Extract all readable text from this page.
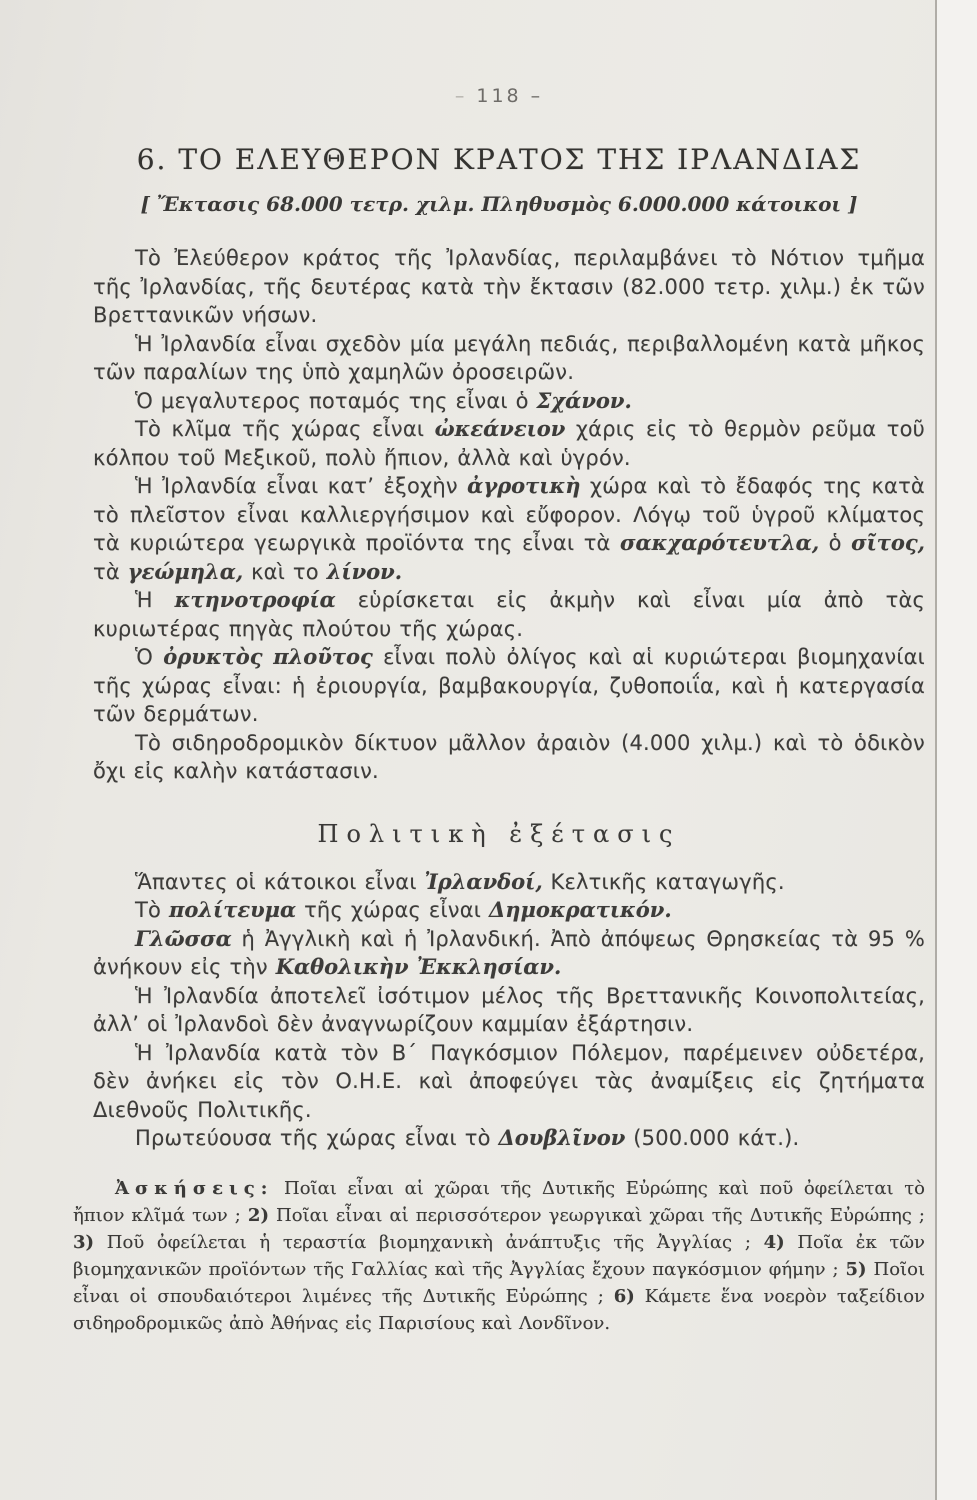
– 118 –
6. ΤΟ ΕΛΕΥΘΕΡΟΝ ΚΡΑΤΟΣ ΤΗΣ ΙΡΛΑΝΔΙΑΣ
[ Ἔκτασις 68.000 τετρ. χιλμ. Πληθυσμὸς 6.000.000 κάτοικοι ]

Τὸ Ἐλεύθερον κράτος τῆς Ἰρλανδίας, περιλαμβάνει τὸ Νότιον τμῆμα τῆς Ἰρλανδίας, τῆς δευτέρας κατὰ τὴν ἔκτασιν (82.000 τετρ. χιλμ.) ἐκ τῶν Βρεττανικῶν νήσων.

Ἡ Ἰρλανδία εἶναι σχεδὸν μία μεγάλη πεδιάς, περιβαλλομένη κατὰ μῆκος τῶν παραλίων της ὑπὸ χαμηλῶν ὀροσειρῶν.

Ὁ μεγαλυτερος ποταμός της εἶναι ὁ Σχάνον.

Τὸ κλῖμα τῆς χώρας εἶναι ὠκεάνειον χάρις εἰς τὸ θερμὸν ρεῦμα τοῦ κόλπου τοῦ Μεξικοῦ, πολὺ ἤπιον, ἀλλὰ καὶ ὑγρόν.

Ἡ Ἰρλανδία εἶναι κατ’ ἐξοχὴν ἀγροτικὴ χώρα καὶ τὸ ἔδαφός της κατὰ τὸ πλεῖστον εἶναι καλλιεργήσιμον καὶ εὔφορον. Λόγῳ τοῦ ὑγροῦ κλίματος τὰ κυριώτερα γεωργικὰ προϊόντα της εἶναι τὰ σακχαρότευτλα, ὁ σῖτος, τὰ γεώμηλα, καὶ το λίνον.

Ἡ κτηνοτροφία εὑρίσκεται εἰς ἀκμὴν καὶ εἶναι μία ἀπὸ τὰς κυριωτέρας πηγὰς πλούτου τῆς χώρας.

Ὁ ὀρυκτὸς πλοῦτος εἶναι πολὺ ὀλίγος καὶ αἱ κυριώτεραι βιομηχανίαι τῆς χώρας εἶναι: ἡ ἐριουργία, βαμβακουργία, ζυθοποιΐα, καὶ ἡ κατεργασία τῶν δερμάτων.

Τὸ σιδηροδρομικὸν δίκτυον μᾶλλον ἀραιὸν (4.000 χιλμ.) καὶ τὸ ὁδικὸν ὄχι εἰς καλὴν κατάστασιν.

Πολιτικὴ ἐξέτασις

Ἅπαντες οἱ κάτοικοι εἶναι Ἰρλανδοί, Κελτικῆς καταγωγῆς.

Τὸ πολίτευμα τῆς χώρας εἶναι Δημοκρατικόν.

Γλῶσσα ἡ Ἀγγλικὴ καὶ ἡ Ἰρλανδική. Ἀπὸ ἀπόψεως Θρησκείας τὰ 95 % ἀνήκουν εἰς τὴν Καθολικὴν Ἐκκλησίαν.

Ἡ Ἰρλανδία ἀποτελεῖ ἰσότιμον μέλος τῆς Βρεττανικῆς Κοινοπολιτείας, ἀλλ’ οἱ Ἰρλανδοὶ δὲν ἀναγνωρίζουν καμμίαν ἐξάρτησιν.

Ἡ Ἰρλανδία κατὰ τὸν Β΄ Παγκόσμιον Πόλεμον, παρέμεινεν οὐδετέρα, δὲν ἀνήκει εἰς τὸν Ο.Η.Ε. καὶ ἀποφεύγει τὰς ἀναμίξεις εἰς ζητήματα Διεθνοῦς Πολιτικῆς.

Πρωτεύουσα τῆς χώρας εἶναι τὸ Δουβλῖνον (500.000 κάτ.).

Ἀσκήσεις: Ποῖαι εἶναι αἱ χῶραι τῆς Δυτικῆς Εὐρώπης καὶ ποῦ ὀφείλεται τὸ ἤπιον κλῖμά των ; 2) Ποῖαι εἶναι αἱ περισσότερον γεωργικαὶ χῶραι τῆς Δυτικῆς Εὐρώπης ; 3) Ποῦ ὀφείλεται ἡ τεραστία βιομηχανικὴ ἀνάπτυξις τῆς Ἀγγλίας ; 4) Ποῖα ἐκ τῶν βιομηχανικῶν προϊόντων τῆς Γαλλίας καὶ τῆς Ἀγγλίας ἔχουν παγκόσμιον φήμην ; 5) Ποῖοι εἶναι οἱ σπουδαιότεροι λιμένες τῆς Δυτικῆς Εὐρώπης ; 6) Κάμετε ἕνα νοερὸν ταξείδιον σιδηροδρομικῶς ἀπὸ Ἀθήνας εἰς Παρισίους καὶ Λονδῖνον.
